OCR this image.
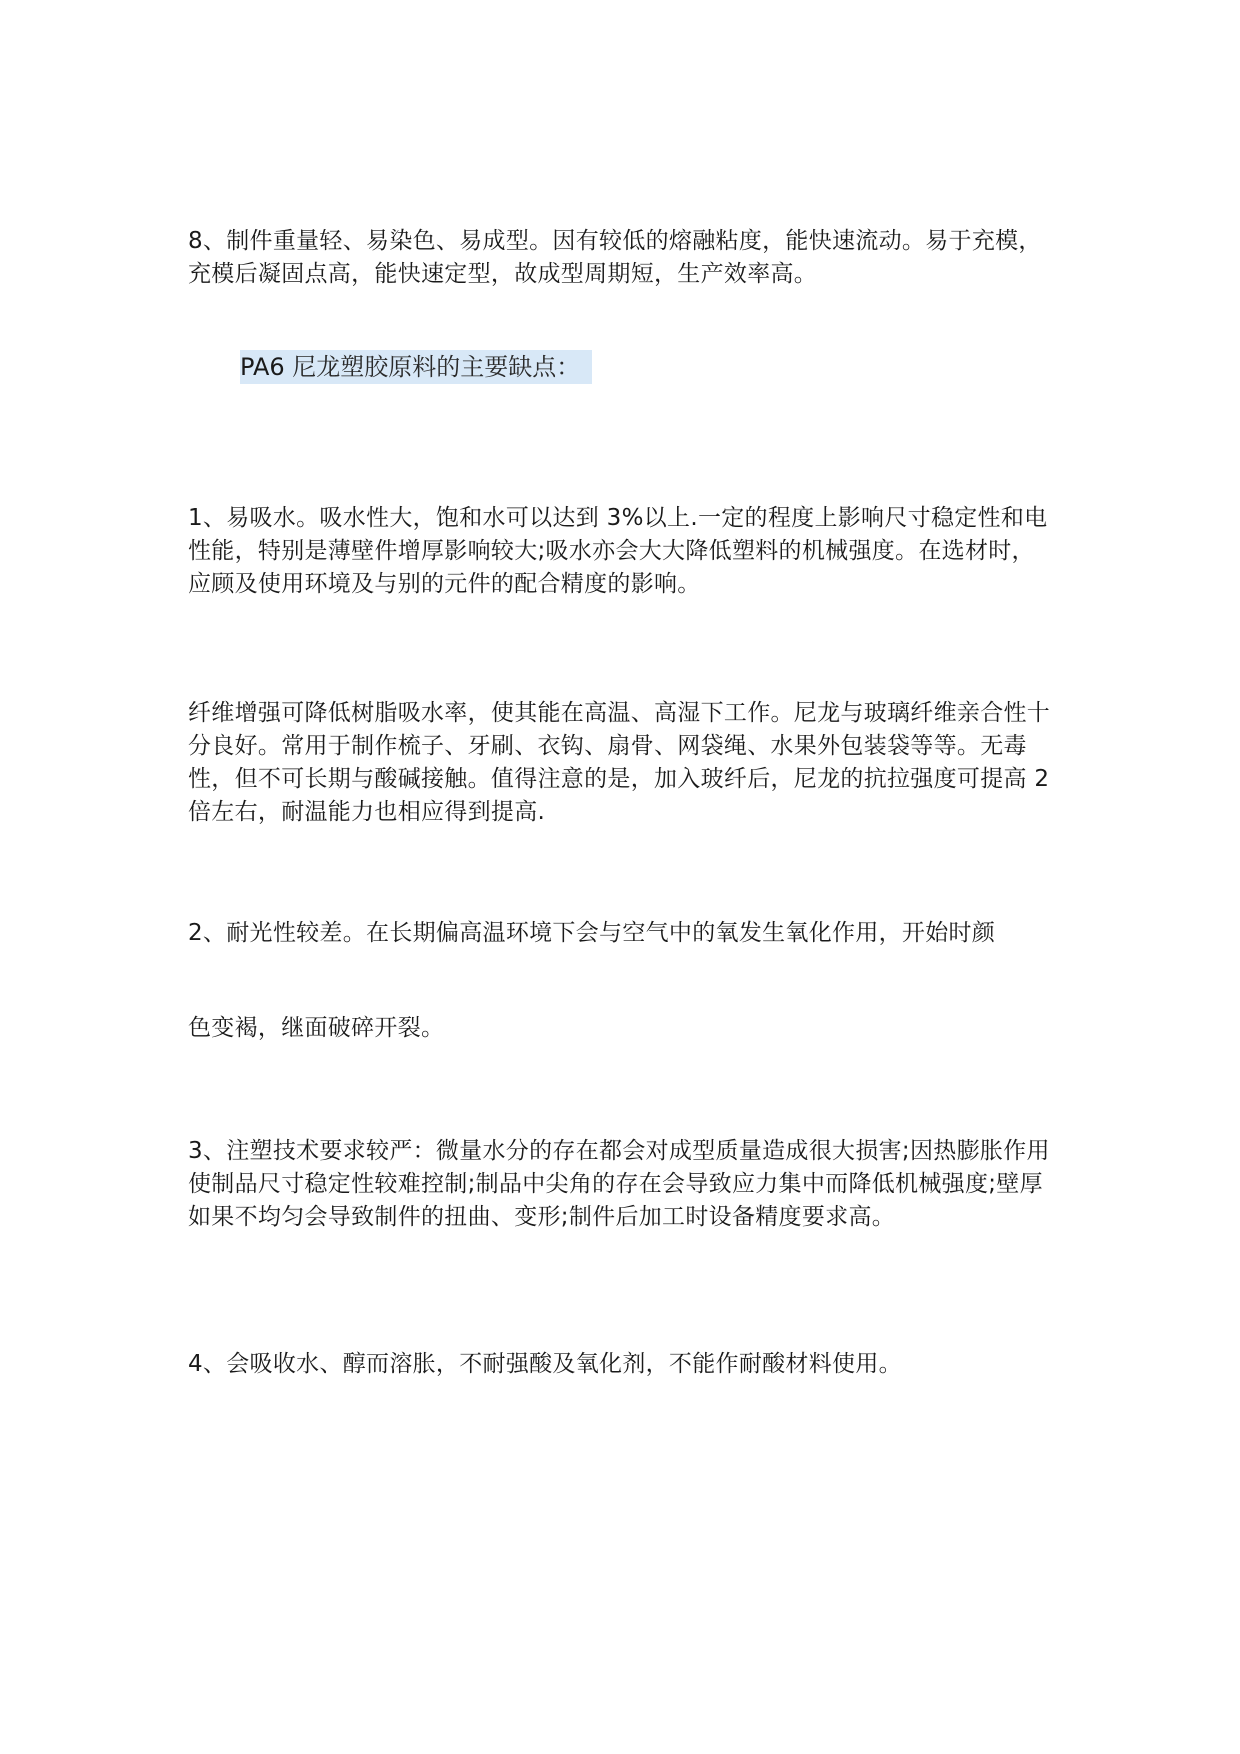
8、制件重量轻、易染色、易成型。因有较低的熔融粘度，能快速流动。易于充模，充模后凝固点高，能快速定型，故成型周期短，生产效率高。

PA6 尼龙塑胶原料的主要缺点：

1、易吸水。吸水性大，饱和水可以达到 3%以上.一定的程度上影响尺寸稳定性和电性能，特别是薄壁件增厚影响较大;吸水亦会大大降低塑料的机械强度。在选材时，应顾及使用环境及与别的元件的配合精度的影响。

纤维增强可降低树脂吸水率，使其能在高温、高湿下工作。尼龙与玻璃纤维亲合性十分良好。常用于制作梳子、牙刷、衣钩、扇骨、网袋绳、水果外包装袋等等。无毒性，但不可长期与酸碱接触。值得注意的是，加入玻纤后，尼龙的抗拉强度可提高 2 倍左右，耐温能力也相应得到提高.

2、耐光性较差。在长期偏高温环境下会与空气中的氧发生氧化作用，开始时颜

色变褐，继面破碎开裂。

3、注塑技术要求较严：微量水分的存在都会对成型质量造成很大损害;因热膨胀作用使制品尺寸稳定性较难控制;制品中尖角的存在会导致应力集中而降低机械强度;壁厚如果不均匀会导致制件的扭曲、变形;制件后加工时设备精度要求高。

4、会吸收水、醇而溶胀，不耐强酸及氧化剂，不能作耐酸材料使用。
